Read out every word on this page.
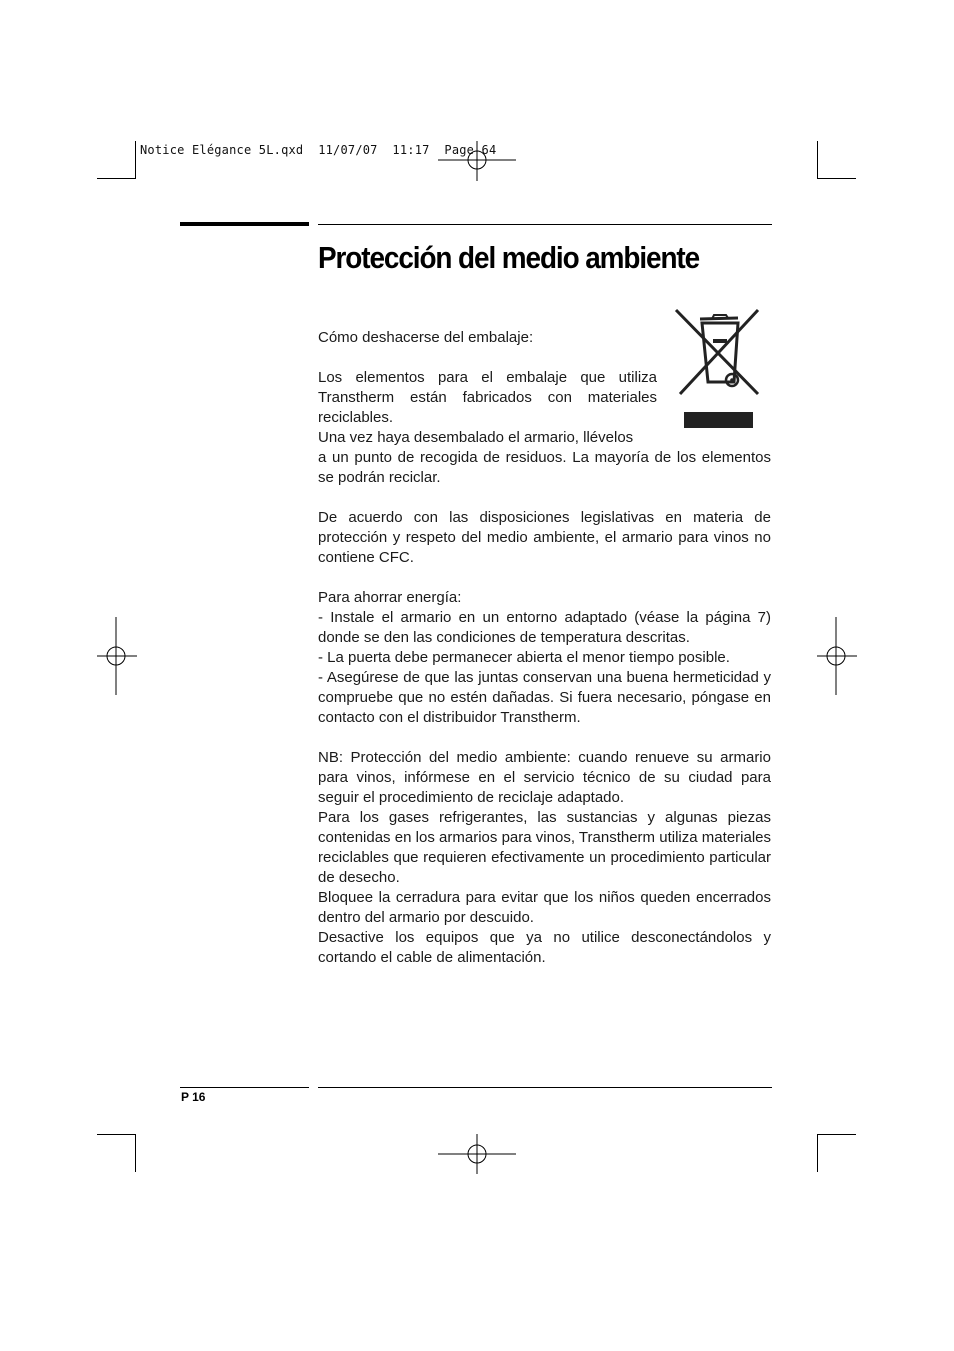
Notice Elégance 5L.qxd  11/07/07  11:17  Page 64
Protección del medio ambiente

Cómo deshacerse del embalaje:

Los elementos para el embalaje que utiliza Transtherm están fabricados con materiales reciclables.

Una vez haya desembalado el armario, llévelos

a un punto de recogida de residuos. La mayoría de los elementos se podrán reciclar.

De acuerdo con las disposiciones legislativas en materia de protección y respeto del medio ambiente, el armario para vinos no contiene CFC.

Para ahorrar energía:

- Instale el armario en un entorno adaptado (véase la página 7) donde se den las condiciones de temperatura descritas.

- La puerta debe permanecer abierta el menor tiempo posible.

- Asegúrese de que las juntas conservan una buena hermeticidad y compruebe que no estén dañadas. Si fuera necesario, póngase en contacto con el distribuidor Transtherm.

NB: Protección del medio ambiente: cuando renueve su armario para vinos, infórmese en el servicio técnico de su ciudad para seguir el procedimiento de reciclaje adaptado.

Para los gases refrigerantes, las sustancias y algunas piezas contenidas en los armarios para vinos, Transtherm utiliza materiales reciclables que requieren efectivamente un procedimiento particular de desecho.

Bloquee la cerradura para evitar que los niños queden encerrados dentro del armario por descuido.

Desactive los equipos que ya no utilice desconectándolos y cortando el cable de alimentación.

P 16
